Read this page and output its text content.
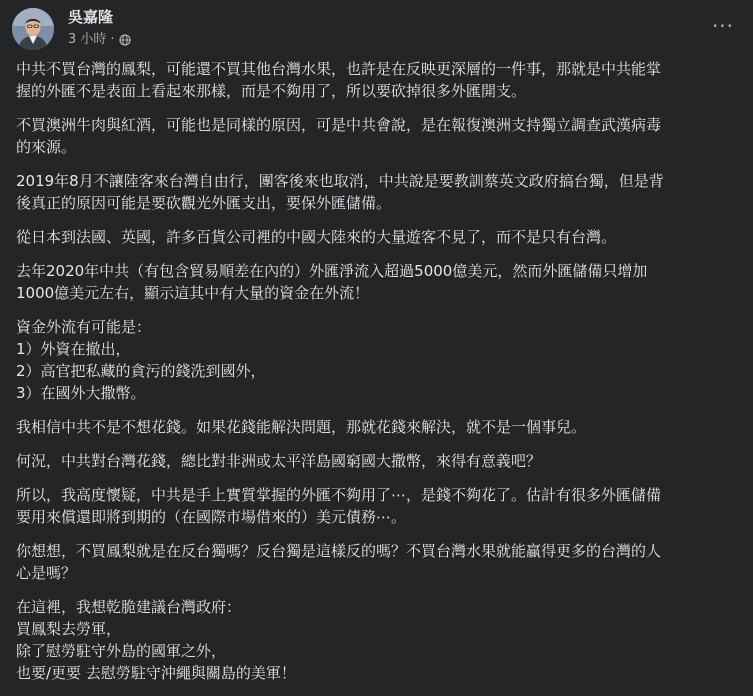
吳嘉隆
3 小時 ·
···
中共不買台灣的鳳梨，可能還不買其他台灣水果，也許是在反映更深層的一件事，那就是中共能掌
握的外匯不是表面上看起來那樣，而是不夠用了，所以要砍掉很多外匯開支。
不買澳洲牛肉與紅酒，可能也是同樣的原因，可是中共會說，是在報復澳洲支持獨立調查武漢病毒
的來源。
2019年8月不讓陸客來台灣自由行，團客後來也取消，中共說是要教訓蔡英文政府搞台獨，但是背
後真正的原因可能是要砍觀光外匯支出，要保外匯儲備。
從日本到法國、英國，許多百貨公司裡的中國大陸來的大量遊客不見了，而不是只有台灣。
去年2020年中共（有包含貿易順差在內的）外匯淨流入超過5000億美元，然而外匯儲備只增加
1000億美元左右，顯示這其中有大量的資金在外流！
資金外流有可能是：
1）外資在撤出，
2）高官把私藏的貪污的錢洗到國外，
3）在國外大撒幣。
我相信中共不是不想花錢。如果花錢能解決問題，那就花錢來解決，就不是一個事兒。
何況，中共對台灣花錢，總比對非洲或太平洋島國窮國大撒幣，來得有意義吧？
所以，我高度懷疑，中共是手上實質掌握的外匯不夠用了⋯，是錢不夠花了。估計有很多外匯儲備
要用來償還即將到期的（在國際市場借來的）美元債務⋯。
你想想，不買鳳梨就是在反台獨嗎？反台獨是這樣反的嗎？不買台灣水果就能贏得更多的台灣的人
心是嗎？
在這裡，我想乾脆建議台灣政府：
買鳳梨去勞軍，
除了慰勞駐守外島的國軍之外，
也要/更要 去慰勞駐守沖繩與關島的美軍！
